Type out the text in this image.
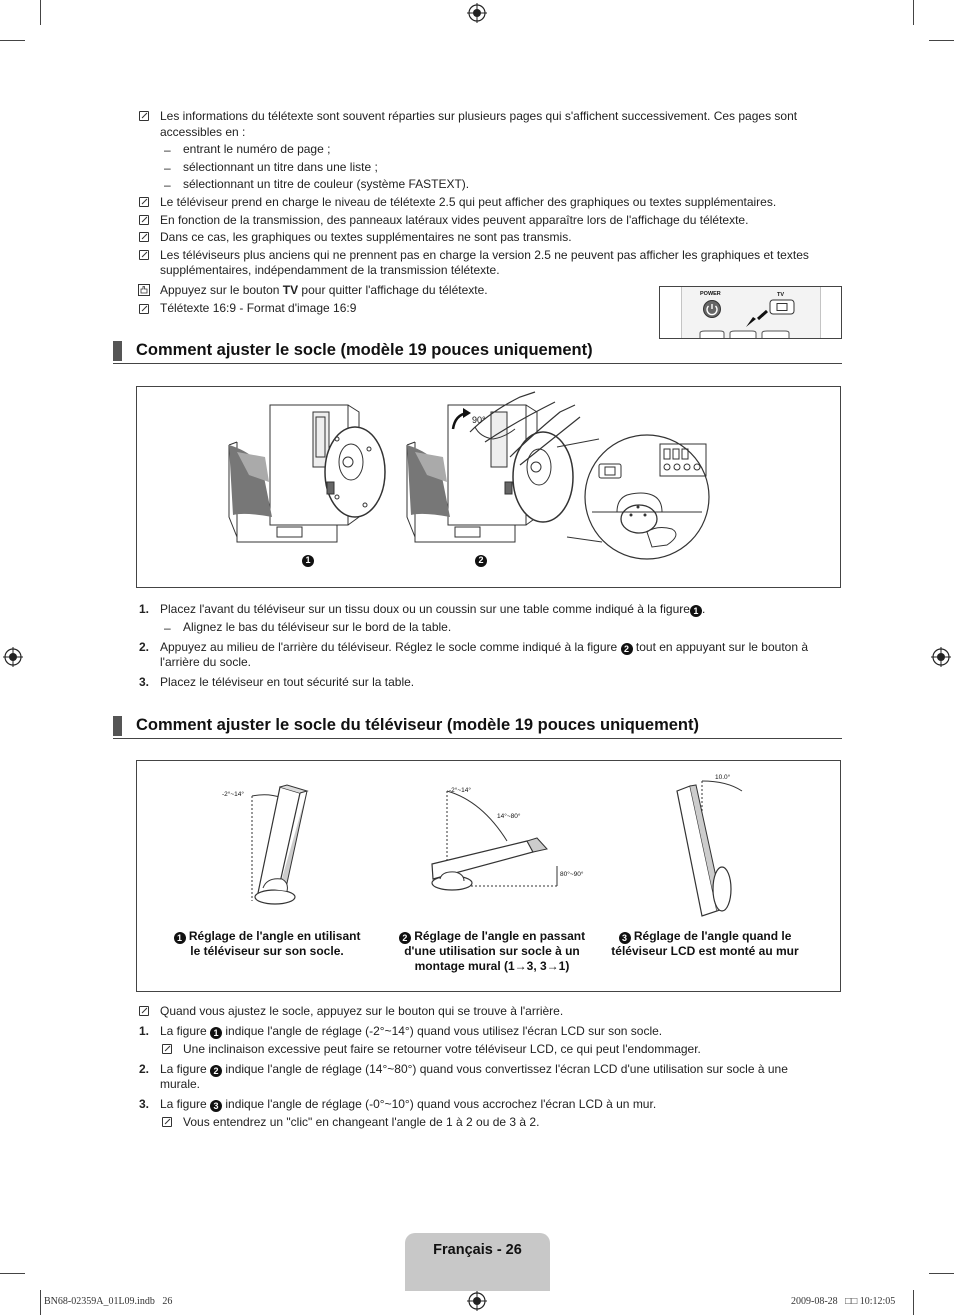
Les informations du télétexte sont souvent réparties sur plusieurs pages qui s'affichent successivement. Ces pages sont
accessibles en :
– entrant le numéro de page ;
– sélectionnant un titre dans une liste ;
– sélectionnant un titre de couleur (système FASTEXT).
Le téléviseur prend en charge le niveau de télétexte 2.5 qui peut afficher des graphiques ou textes supplémentaires.
En fonction de la transmission, des panneaux latéraux vides peuvent apparaître lors de l'affichage du télétexte.
Dans ce cas, les graphiques ou textes supplémentaires ne sont pas transmis.
Les téléviseurs plus anciens qui ne prennent pas en charge la version 2.5 ne peuvent pas afficher les graphiques et textes
supplémentaires, indépendamment de la transmission télétexte.
Appuyez sur le bouton TV pour quitter l'affichage du télétexte.
Télétexte 16:9 - Format d'image 16:9
POWER	TV
Comment ajuster le socle (modèle 19 pouces uniquement)
1	2
90°
1. Placez l'avant du téléviseur sur un tissu doux ou un coussin sur une table comme indiqué à la figure 1 .
– Alignez le bas du téléviseur sur le bord de la table.
2. Appuyez au milieu de l'arrière du téléviseur. Réglez le socle comme indiqué à la figure 2 tout en appuyant sur le bouton à
l'arrière du socle.
3. Placez le téléviseur en tout sécurité sur la table.
Comment ajuster le socle du téléviseur (modèle 19 pouces uniquement)
-2°~14°
-2°~14°
14°~80°
80°~90°
10.0°
1 Réglage de l'angle en utilisant
le téléviseur sur son socle.
2 Réglage de l'angle en passant
d'une utilisation sur socle à un
montage mural (1→3, 3→1)
3 Réglage de l'angle quand le
téléviseur LCD est monté au mur
Quand vous ajustez le socle, appuyez sur le bouton qui se trouve à l'arrière.
1. La figure 1 indique l'angle de réglage (-2°~14°) quand vous utilisez l'écran LCD sur son socle.
Une inclinaison excessive peut faire se retourner votre téléviseur LCD, ce qui peut l'endommager.
2. La figure 2 indique l'angle de réglage (14°~80°) quand vous convertissez l'écran LCD d'une utilisation sur socle à une
murale.
3. La figure 3 indique l'angle de réglage (-0°~10°) quand vous accrochez l'écran LCD à un mur.
Vous entendrez un "clic" en changeant l'angle de 1 à 2 ou de 3 à 2.
Français - 26
BN68-02359A_01L09.indb   26	2009-08-28   □□ 10:12:05
